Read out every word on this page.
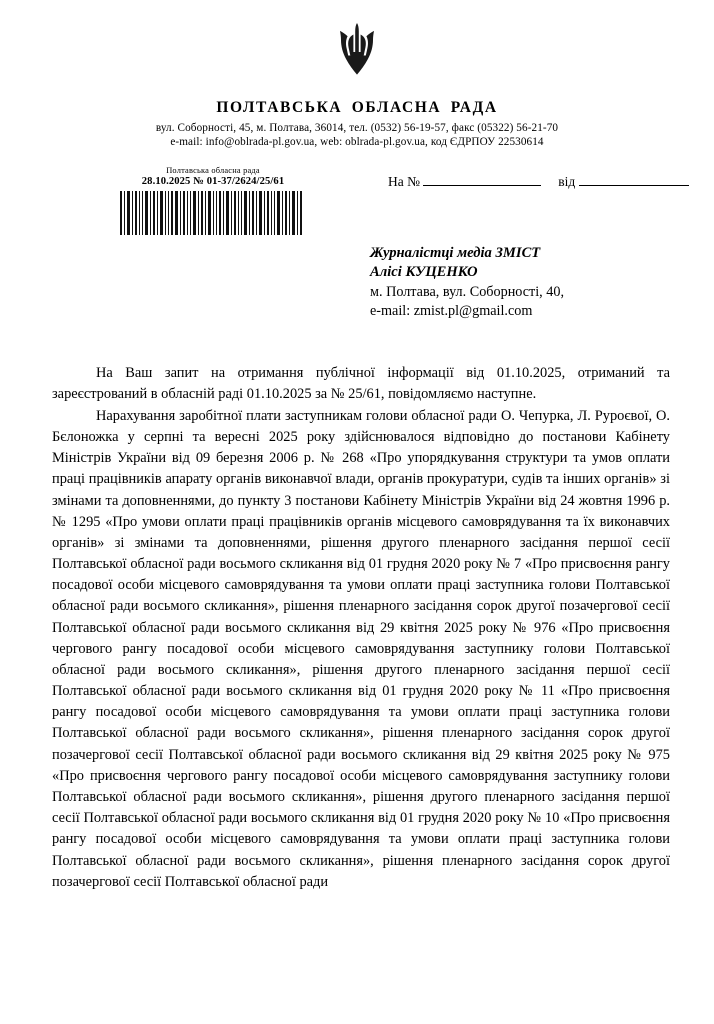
ПОЛТАВСЬКА ОБЛАСНА РАДА
вул. Соборності, 45, м. Полтава, 36014, тел. (0532) 56-19-57, факс (05322) 56-21-70
e-mail: info@oblrada-pl.gov.ua, web: oblrada-pl.gov.ua, код ЄДРПОУ 22530614
Полтавська обласна рада
28.10.2025 № 01-37/2624/25/61	На №	від
Журналістці медіа ЗМІСТ
Алісі КУЦЕНКО
м. Полтава, вул. Соборності, 40,
e-mail: zmist.pl@gmail.com

На Ваш запит на отримання публічної інформації від 01.10.2025, отриманий та зареєстрований в обласній раді 01.10.2025 за № 25/61, повідомляємо наступне.

Нарахування заробітної плати заступникам голови обласної ради О. Чепурка, Л. Руроєвої, О. Бєлоножка у серпні та вересні 2025 року здійснювалося відповідно до постанови Кабінету Міністрів України від 09 березня 2006 р. № 268 «Про упорядкування структури та умов оплати праці працівників апарату органів виконавчої влади, органів прокуратури, судів та інших органів» зі змінами та доповненнями, до пункту 3 постанови Кабінету Міністрів України від 24 жовтня 1996 р. № 1295 «Про умови оплати праці працівників органів місцевого самоврядування та їх виконавчих органів» зі змінами та доповненнями, рішення другого пленарного засідання першої сесії Полтавської обласної ради восьмого скликання від 01 грудня 2020 року № 7 «Про присвоєння рангу посадової особи місцевого самоврядування та умови оплати праці заступника голови Полтавської обласної ради восьмого скликання», рішення пленарного засідання сорок другої позачергової сесії Полтавської обласної ради восьмого скликання від 29 квітня 2025 року № 976 «Про присвоєння чергового рангу посадової особи місцевого самоврядування заступнику голови Полтавської обласної ради восьмого скликання», рішення другого пленарного засідання першої сесії Полтавської обласної ради восьмого скликання від 01 грудня 2020 року № 11 «Про присвоєння рангу посадової особи місцевого самоврядування та умови оплати праці заступника голови Полтавської обласної ради восьмого скликання», рішення пленарного засідання сорок другої позачергової сесії Полтавської обласної ради восьмого скликання від 29 квітня 2025 року № 975 «Про присвоєння чергового рангу посадової особи місцевого самоврядування заступнику голови Полтавської обласної ради восьмого скликання», рішення другого пленарного засідання першої сесії Полтавської обласної ради восьмого скликання від 01 грудня 2020 року № 10 «Про присвоєння рангу посадової особи місцевого самоврядування та умови оплати праці заступника голови Полтавської обласної ради восьмого скликання», рішення пленарного засідання сорок другої позачергової сесії Полтавської обласної ради
